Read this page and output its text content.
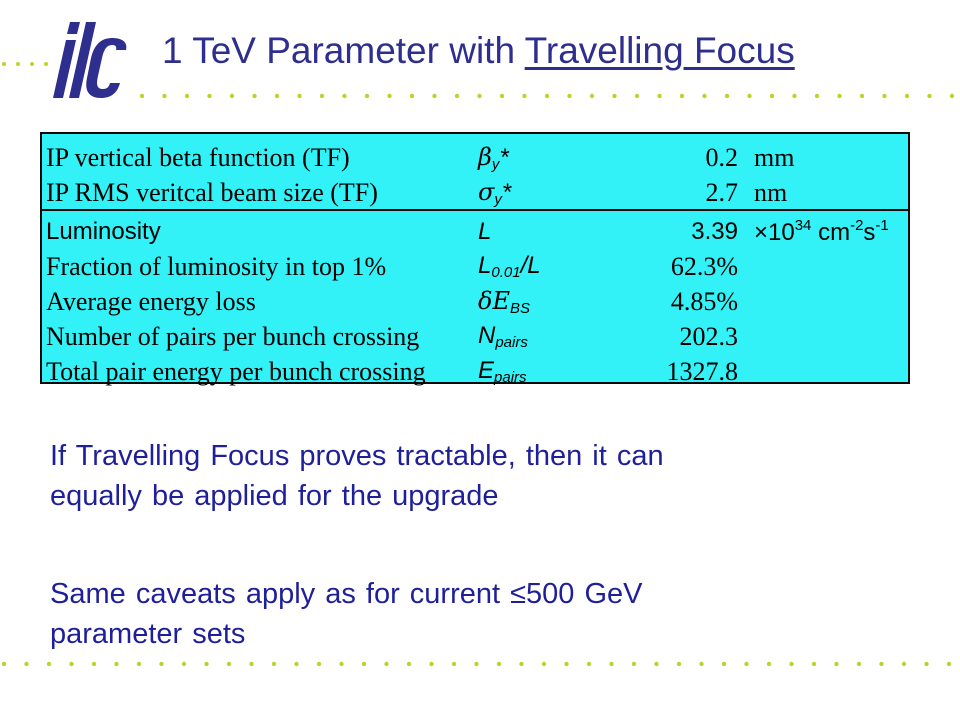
1 TeV Parameter with Travelling Focus
IP vertical beta function (TF)	βy*	0.2	mm
IP RMS veritcal beam size (TF)	σy*	2.7	nm

Luminosity	L	3.39	$\times 10^{34}$ $cm^{-2}s^{-1}$
Fraction of luminosity in top 1%	L0.01/L	62.3%	
Average energy loss	δEBS	4.85%	
Number of pairs per bunch crossing	Npairs	202.3	
Total pair energy per bunch crossing	Epairs	1327.8	
If Travelling Focus proves tractable, then it can
equally be applied for the upgrade
Same caveats apply as for current ≤500 GeV
parameter sets
